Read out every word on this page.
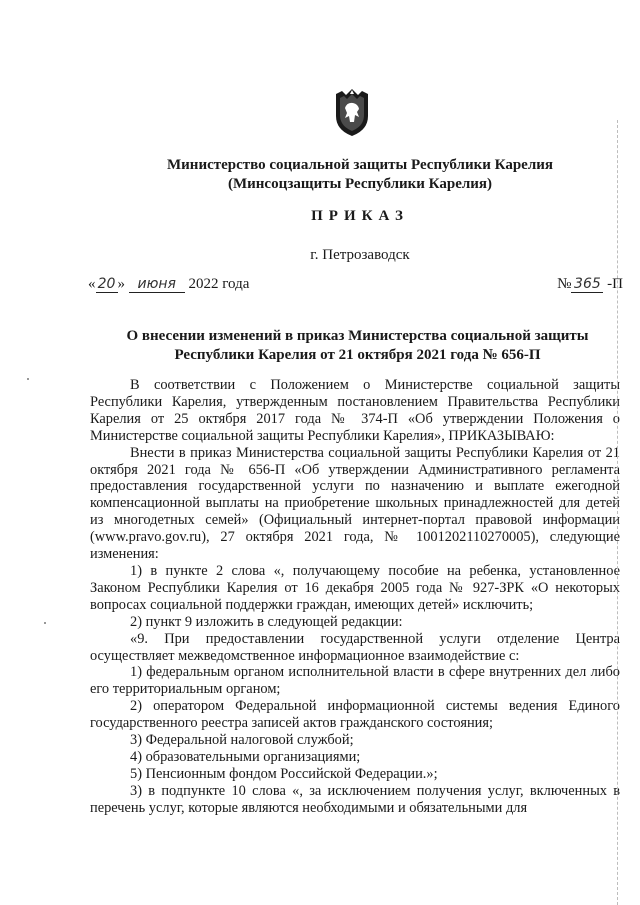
Министерство социальной защиты Республики Карелия
(Минсоцзащиты Республики Карелия)
ПРИКАЗ
г. Петрозаводск
« 20 » июня 2022 года	№ 365 -П
О внесении изменений в приказ Министерства социальной защиты
Республики Карелия от 21 октября 2021 года № 656-П

В соответствии с Положением о Министерстве социальной защиты Республики Карелия, утвержденным постановлением Правительства Республики Карелия от 25 октября 2017 года № 374-П «Об утверждении Положения о Министерстве социальной защиты Республики Карелия», ПРИКАЗЫВАЮ:

Внести в приказ Министерства социальной защиты Республики Карелия от 21 октября 2021 года № 656-П «Об утверждении Административного регламента предоставления государственной услуги по назначению и выплате ежегодной компенсационной выплаты на приобретение школьных принадлежностей для детей из многодетных семей» (Официальный интернет-портал правовой информации (www.pravo.gov.ru), 27 октября 2021 года, № 1001202110270005), следующие изменения:

1) в пункте 2 слова «, получающему пособие на ребенка, установленное Законом Республики Карелия от 16 декабря 2005 года № 927-ЗРК «О некоторых вопросах социальной поддержки граждан, имеющих детей» исключить;

2) пункт 9 изложить в следующей редакции:

«9. При предоставлении государственной услуги отделение Центра осуществляет межведомственное информационное взаимодействие с:

1) федеральным органом исполнительной власти в сфере внутренних дел либо его территориальным органом;

2) оператором Федеральной информационной системы ведения Единого государственного реестра записей актов гражданского состояния;

3) Федеральной налоговой службой;

4) образовательными организациями;

5) Пенсионным фондом Российской Федерации.»;

3) в подпункте 10 слова «, за исключением получения услуг, включенных в перечень услуг, которые являются необходимыми и обязательными для
